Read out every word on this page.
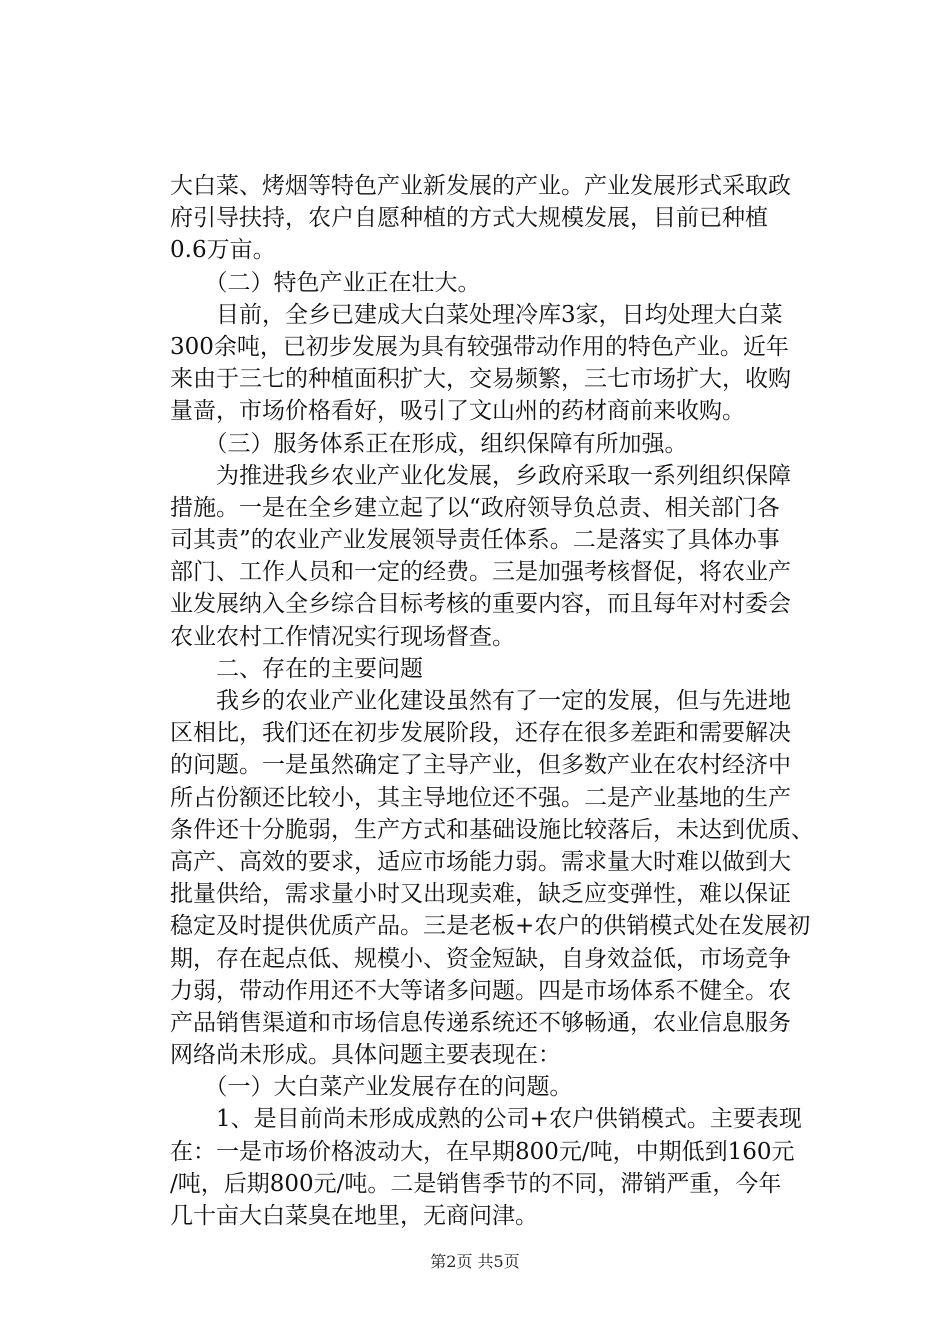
大白菜、烤烟等特色产业新发展的产业。产业发展形式采取政
府引导扶持，农户自愿种植的方式大规模发展，目前已种植
0.6万亩。
　　（二）特色产业正在壮大。
　　目前，全乡已建成大白菜处理冷库3家，日均处理大白菜
300余吨，已初步发展为具有较强带动作用的特色产业。近年
来由于三七的种植面积扩大，交易频繁，三七市场扩大，收购
量啬，市场价格看好，吸引了文山州的药材商前来收购。
　　（三）服务体系正在形成，组织保障有所加强。
　　为推进我乡农业产业化发展，乡政府采取一系列组织保障
措施。一是在全乡建立起了以“政府领导负总责、相关部门各
司其责”的农业产业发展领导责任体系。二是落实了具体办事
部门、工作人员和一定的经费。三是加强考核督促，将农业产
业发展纳入全乡综合目标考核的重要内容，而且每年对村委会
农业农村工作情况实行现场督查。
　　二、存在的主要问题
　　我乡的农业产业化建设虽然有了一定的发展，但与先进地
区相比，我们还在初步发展阶段，还存在很多差距和需要解决
的问题。一是虽然确定了主导产业，但多数产业在农村经济中
所占份额还比较小，其主导地位还不强。二是产业基地的生产
条件还十分脆弱，生产方式和基础设施比较落后，未达到优质、
高产、高效的要求，适应市场能力弱。需求量大时难以做到大
批量供给，需求量小时又出现卖难，缺乏应变弹性，难以保证
稳定及时提供优质产品。三是老板+农户的供销模式处在发展初
期，存在起点低、规模小、资金短缺，自身效益低，市场竞争
力弱，带动作用还不大等诸多问题。四是市场体系不健全。农
产品销售渠道和市场信息传递系统还不够畅通，农业信息服务
网络尚未形成。具体问题主要表现在：
　　（一）大白菜产业发展存在的问题。
　　1、是目前尚未形成成熟的公司+农户供销模式。主要表现
在：一是市场价格波动大，在早期800元/吨，中期低到160元
/吨，后期800元/吨。二是销售季节的不同，滞销严重，今年
几十亩大白菜臭在地里，无商问津。
第2页 共5页
